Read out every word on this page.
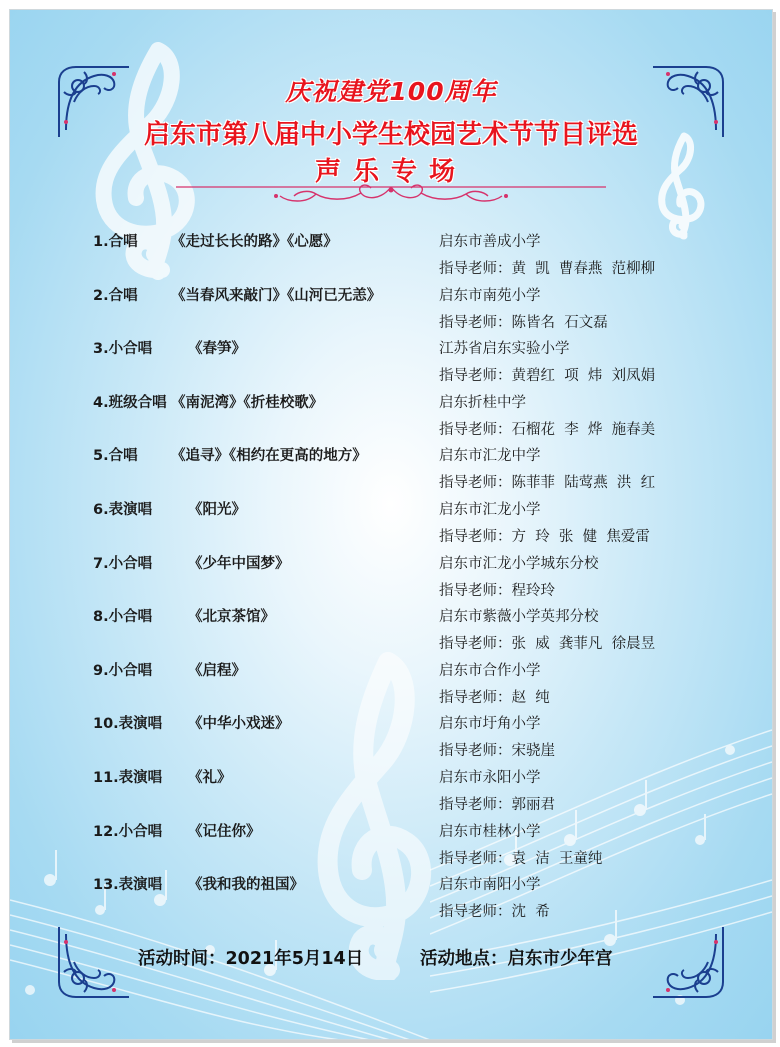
庆祝建党100周年
启东市第八届中小学生校园艺术节节目评选
声乐专场
1.合唱 《走过长长的路》《心愿》	启东市善成小学
指导老师：黄  凯  曹春燕  范柳柳
2.合唱 《当春风来敲门》《山河已无恙》	启东市南苑小学
指导老师：陈皆名  石文磊
3.小合唱 《春笋》	江苏省启东实验小学
指导老师：黄碧红  项  炜  刘凤娟
4.班级合唱 《南泥湾》《折桂校歌》	启东折桂中学
指导老师：石榴花  李  烨  施春美
5.合唱 《追寻》《相约在更高的地方》	启东市汇龙中学
指导老师：陈菲菲  陆莺燕  洪  红
6.表演唱 《阳光》	启东市汇龙小学
指导老师：方  玲  张  健  焦爱雷
7.小合唱 《少年中国梦》	启东市汇龙小学城东分校
指导老师：程玲玲
8.小合唱 《北京茶馆》	启东市紫薇小学英邦分校
指导老师：张  威  龚菲凡  徐晨昱
9.小合唱 《启程》	启东市合作小学
指导老师：赵  纯
10.表演唱 《中华小戏迷》	启东市圩角小学
指导老师：宋骁崖
11.表演唱 《礼》	启东市永阳小学
指导老师：郭丽君
12.小合唱 《记住你》	启东市桂林小学
指导老师：袁  洁  王童纯
13.表演唱 《我和我的祖国》	启东市南阳小学
指导老师：沈  希
活动时间：2021年5月14日	活动地点：启东市少年宫
